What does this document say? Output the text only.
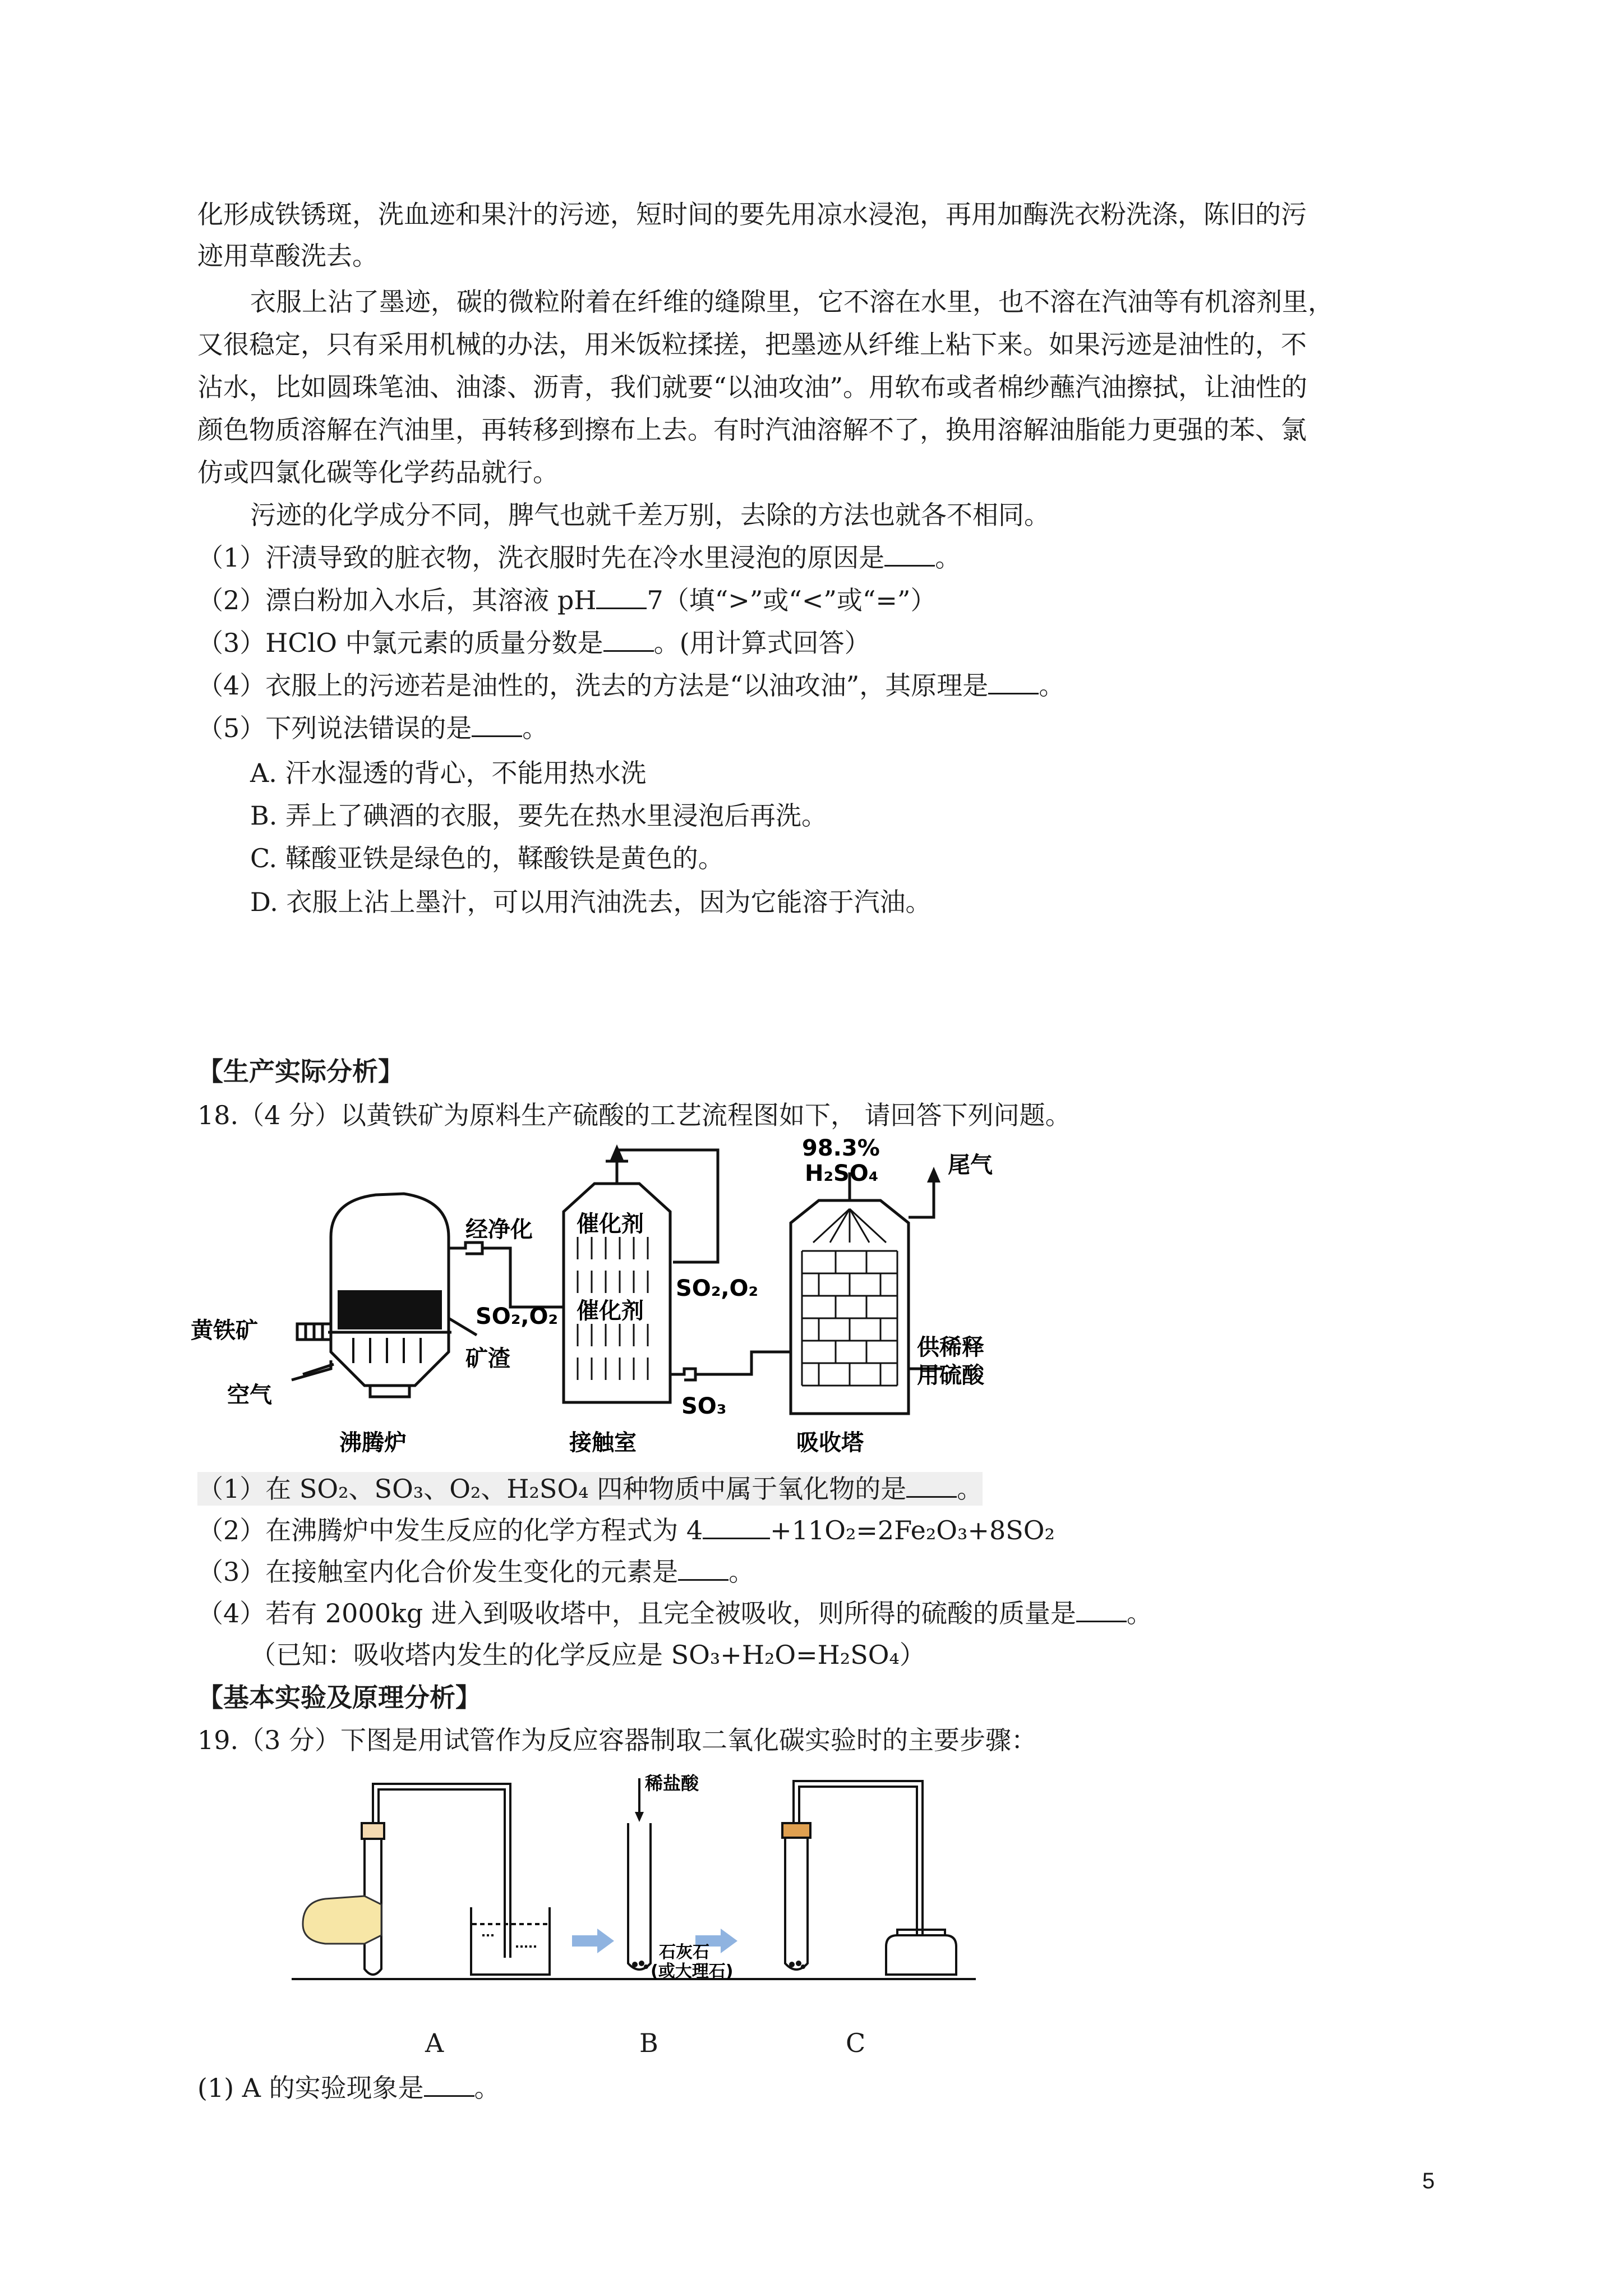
化形成铁锈斑，洗血迹和果汁的污迹，短时间的要先用凉水浸泡，再用加酶洗衣粉洗涤，陈旧的污
迹用草酸洗去。
衣服上沾了墨迹，碳的微粒附着在纤维的缝隙里，它不溶在水里，也不溶在汽油等有机溶剂里，
又很稳定，只有采用机械的办法，用米饭粒揉搓，把墨迹从纤维上粘下来。如果污迹是油性的，不
沾水，比如圆珠笔油、油漆、沥青，我们就要“以油攻油”。用软布或者棉纱蘸汽油擦拭，让油性的
颜色物质溶解在汽油里，再转移到擦布上去。有时汽油溶解不了，换用溶解油脂能力更强的苯、氯
仿或四氯化碳等化学药品就行。
污迹的化学成分不同，脾气也就千差万别，去除的方法也就各不相同。
（1）汗渍导致的脏衣物，洗衣服时先在冷水里浸泡的原因是 。
（2）漂白粉加入水后，其溶液 pH 7（填“>”或“<”或“=”）
（3）HClO 中氯元素的质量分数是 。(用计算式回答）
（4）衣服上的污迹若是油性的，洗去的方法是“以油攻油”，其原理是 。
（5）下列说法错误的是 。
A. 汗水湿透的背心，不能用热水洗
B. 弄上了碘酒的衣服，要先在热水里浸泡后再洗。
C. 鞣酸亚铁是绿色的，鞣酸铁是黄色的。
D. 衣服上沾上墨汁，可以用汽油洗去，因为它能溶于汽油。
【生产实际分析】
18.（4 分）以黄铁矿为原料生产硫酸的工艺流程图如下， 请回答下列问题。
黄铁矿
空气
沸腾炉
经净化
SO₂,O₂
矿渣
催化剂
催化剂
SO₂,O₂
SO₃
接触室
98.3%
H₂SO₄	尾气
供稀释
用硫酸
吸收塔
（1）在 SO₂、SO₃、O₂、H₂SO₄ 四种物质中属于氧化物的是 。
（2）在沸腾炉中发生反应的化学方程式为 4	+11O₂=2Fe₂O₃+8SO₂
（3）在接触室内化合价发生变化的元素是 。
（4）若有 2000kg 进入到吸收塔中，且完全被吸收，则所得的硫酸的质量是 。
（已知：吸收塔内发生的化学反应是 SO₃+H₂O=H₂SO₄）
【基本实验及原理分析】
19.（3 分）下图是用试管作为反应容器制取二氧化碳实验时的主要步骤：
稀盐酸
石灰石
(或大理石)
A	B	C
(1) A 的实验现象是 。
5
